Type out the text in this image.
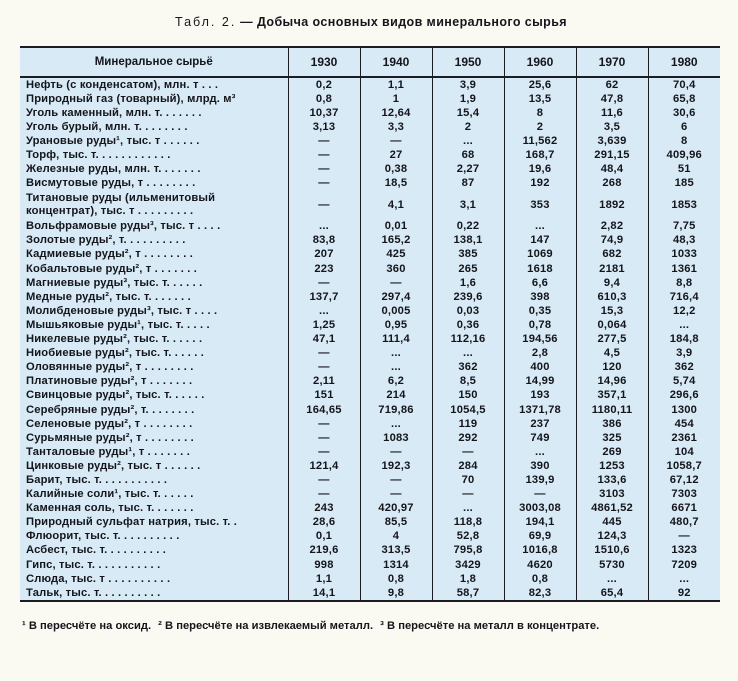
Табл. 2. — Добыча основных видов минерального сырья
Минеральное сырьё	1930	1940	1950	1960	1970	1980
Нефть (с конденсатом), млн. т . . .	0,2	1,1	3,9	25,6	62	70,4
Природный газ (товарный), млрд. м³	0,8	1	1,9	13,5	47,8	65,8
Уголь каменный, млн. т. . . . . . .	10,37	12,64	15,4	8	11,6	30,6
Уголь бурый, млн. т. . . . . . . .	3,13	3,3	2	2	3,5	6
Урановые руды¹, тыс. т . . . . . .	—	—	...	11,562	3,639	8
Торф, тыс. т. . . . . . . . . . . .	—	27	68	168,7	291,15	409,96
Железные руды, млн. т. . . . . . .	—	0,38	2,27	19,6	48,4	51
Висмутовые руды, т . . . . . . . .	—	18,5	87	192	268	185
Титановые руды (ильменитовый концентрат), тыс. т . . . . . . . . .	—	4,1	3,1	353	1892	1853
Вольфрамовые руды³, тыс. т . . . .	...	0,01	0,22	...	2,82	7,75
Золотые руды², т. . . . . . . . . .	83,8	165,2	138,1	147	74,9	48,3
Кадмиевые руды², т . . . . . . . .	207	425	385	1069	682	1033
Кобальтовые руды², т . . . . . . .	223	360	265	1618	2181	1361
Магниевые руды³, тыс. т. . . . . .	—	—	1,6	6,6	9,4	8,8
Медные руды², тыс. т. . . . . . .	137,7	297,4	239,6	398	610,3	716,4
Молибденовые руды³, тыс. т . . . .	...	0,005	0,03	0,35	15,3	12,2
Мышьяковые руды¹, тыс. т. . . . .	1,25	0,95	0,36	0,78	0,064	...
Никелевые руды², тыс. т. . . . . .	47,1	111,4	112,16	194,56	277,5	184,8
Ниобиевые руды², тыс. т. . . . . .	—	...	...	2,8	4,5	3,9
Оловянные руды², т . . . . . . . .	—	...	362	400	120	362
Платиновые руды², т . . . . . . .	2,11	6,2	8,5	14,99	14,96	5,74
Свинцовые руды², тыс. т. . . . . .	151	214	150	193	357,1	296,6
Серебряные руды², т. . . . . . . .	164,65	719,86	1054,5	1371,78	1180,11	1300
Селеновые руды², т . . . . . . . .	—	...	119	237	386	454
Сурьмяные руды², т . . . . . . . .	—	1083	292	749	325	2361
Танталовые руды¹, т . . . . . . .	—	—	—	...	269	104
Цинковые руды², тыс. т . . . . . .	121,4	192,3	284	390	1253	1058,7
Барит, тыс. т. . . . . . . . . . .	—	—	70	139,9	133,6	67,12
Калийные соли¹, тыс. т. . . . . .	—	—	—	—	3103	7303
Каменная соль, тыс. т. . . . . . .	243	420,97	...	3003,08	4861,52	6671
Природный сульфат натрия, тыс. т. .	28,6	85,5	118,8	194,1	445	480,7
Флюорит, тыс. т. . . . . . . . . .	0,1	4	52,8	69,9	124,3	—
Асбест, тыс. т. . . . . . . . . .	219,6	313,5	795,8	1016,8	1510,6	1323
Гипс, тыс. т. . . . . . . . . . .	998	1314	3429	4620	5730	7209
Слюда, тыс. т . . . . . . . . . .	1,1	0,8	1,8	0,8	...	...
Тальк, тыс. т. . . . . . . . . .	14,1	9,8	58,7	82,3	65,4	92
¹ В пересчёте на оксид. ² В пересчёте на извлекаемый металл. ³ В пересчёте на металл в концентрате.
